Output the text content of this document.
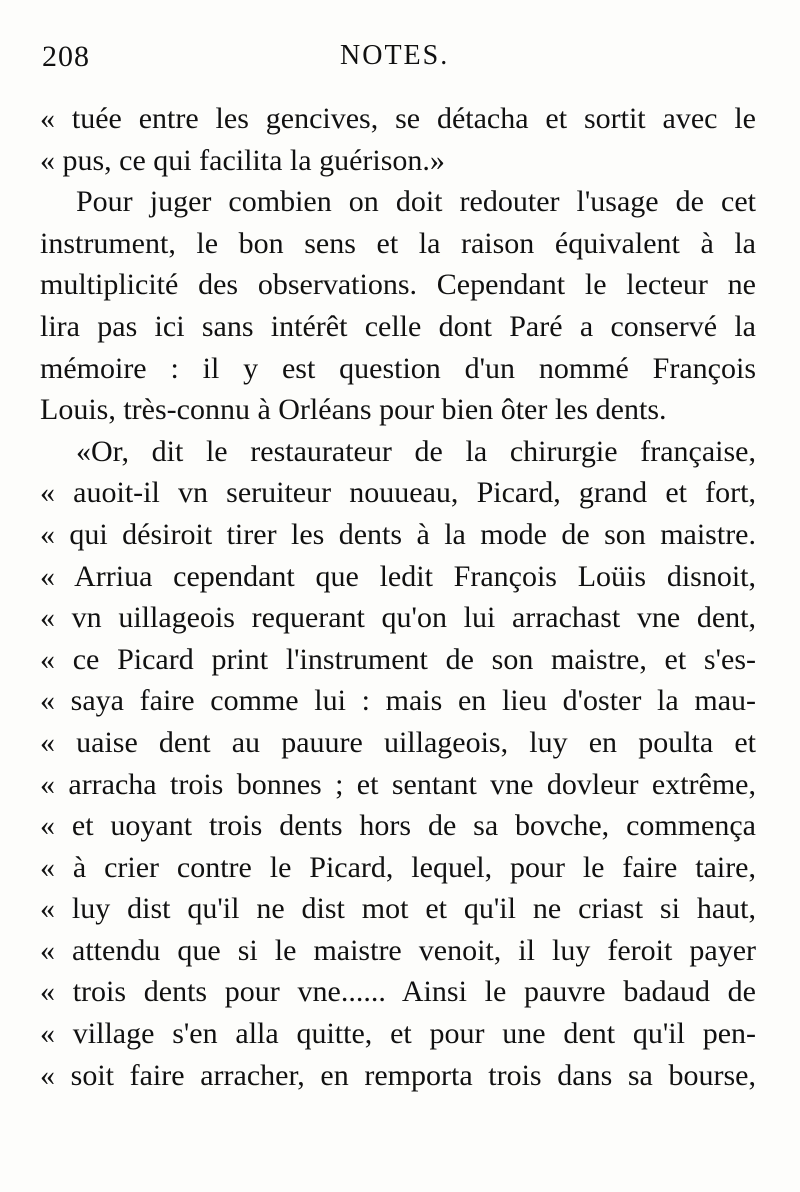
208	NOTES.
« tuée entre les gencives, se détacha et sortit avec le
« pus, ce qui facilita la guérison.»
Pour juger combien on doit redouter l'usage de cet
instrument, le bon sens et la raison équivalent à la
multiplicité des observations. Cependant le lecteur ne
lira pas ici sans intérêt celle dont Paré a conservé la
mémoire : il y est question d'un nommé François
Louis, très-connu à Orléans pour bien ôter les dents.
«Or, dit le restaurateur de la chirurgie française,
« auoit-il vn seruiteur nouueau, Picard, grand et fort,
« qui désiroit tirer les dents à la mode de son maistre.
« Arriua cependant que ledit François Loüis disnoit,
« vn uillageois requerant qu'on lui arrachast vne dent,
« ce Picard print l'instrument de son maistre, et s'es-
« saya faire comme lui : mais en lieu d'oster la mau-
« uaise dent au pauure uillageois, luy en poulta et
« arracha trois bonnes ; et sentant vne dovleur extrême,
« et uoyant trois dents hors de sa bovche, commença
« à crier contre le Picard, lequel, pour le faire taire,
« luy dist qu'il ne dist mot et qu'il ne criast si haut,
« attendu que si le maistre venoit, il luy feroit payer
« trois dents pour vne...... Ainsi le pauvre badaud de
« village s'en alla quitte, et pour une dent qu'il pen-
« soit faire arracher, en remporta trois dans sa bourse,
